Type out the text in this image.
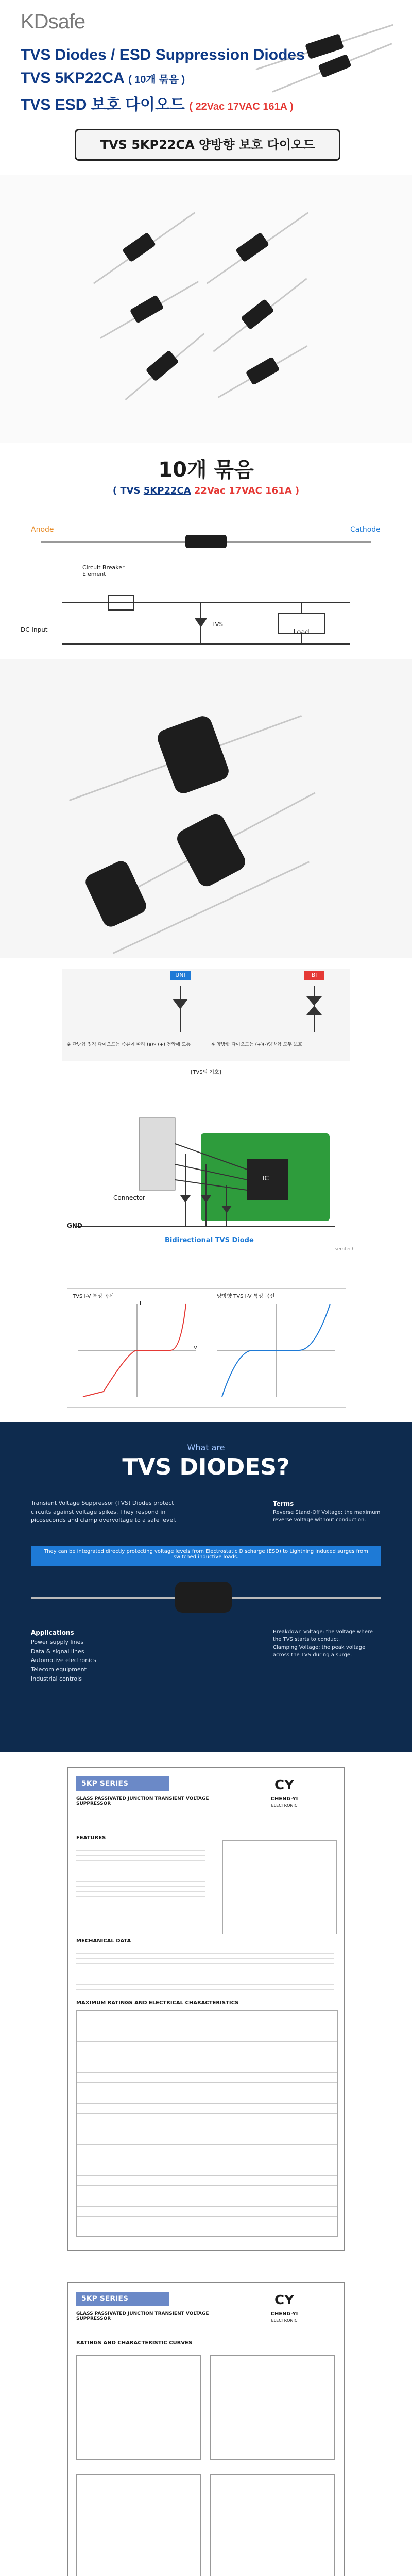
KDsafe
TVS Diodes / ESD Suppression Diodes
TVS 5KP22CA ( 10개 묶음 )
TVS ESD 보호 다이오드 ( 22Vac 17VAC 161A )
TVS 5KP22CA 양방향 보호 다이오드
10개 묶음
( TVS 5KP22CA 22Vac 17VAC 161A )
Anode	Cathode
Circuit Breaker Element
DC Input
TVS
Load
UNI	BI
※ 단방향 정격 다이오드는 종류에 따라 (a)이(+) 전압에 도통	※ 양방향 다이오드는 (+)(-)양방향 모두 보호
[TVS의 기호]
Connector
IC
GND
Bidirectional TVS Diode
semtech
TVS I-V 특성 곡선	양방향 TVS I-V 특성 곡선
V
I
What are
TVS DIODES?
Transient Voltage Suppressor (TVS) Diodes protect circuits against voltage spikes. They respond in picoseconds and clamp overvoltage to a safe level.
They can be integrated directly protecting voltage levels from Electrostatic Discharge (ESD) to Lightning induced surges from switched inductive loads.
Terms
Reverse Stand-Off Voltage: the maximum reverse voltage without conduction.
Breakdown Voltage: the voltage where the TVS starts to conduct.
Clamping Voltage: the peak voltage across the TVS during a surge.
Applications
Power supply lines
Data & signal lines
Automotive electronics
Telecom equipment
Industrial controls
5KP SERIES
GLASS PASSIVATED JUNCTION TRANSIENT VOLTAGE SUPPRESSOR
CY
CHENG-YI
ELECTRONIC
FEATURES
MECHANICAL DATA
MAXIMUM RATINGS AND ELECTRICAL CHARACTERISTICS
5KP SERIES
GLASS PASSIVATED JUNCTION TRANSIENT VOLTAGE SUPPRESSOR
CY
CHENG-YI
ELECTRONIC
RATINGS AND CHARACTERISTIC CURVES
